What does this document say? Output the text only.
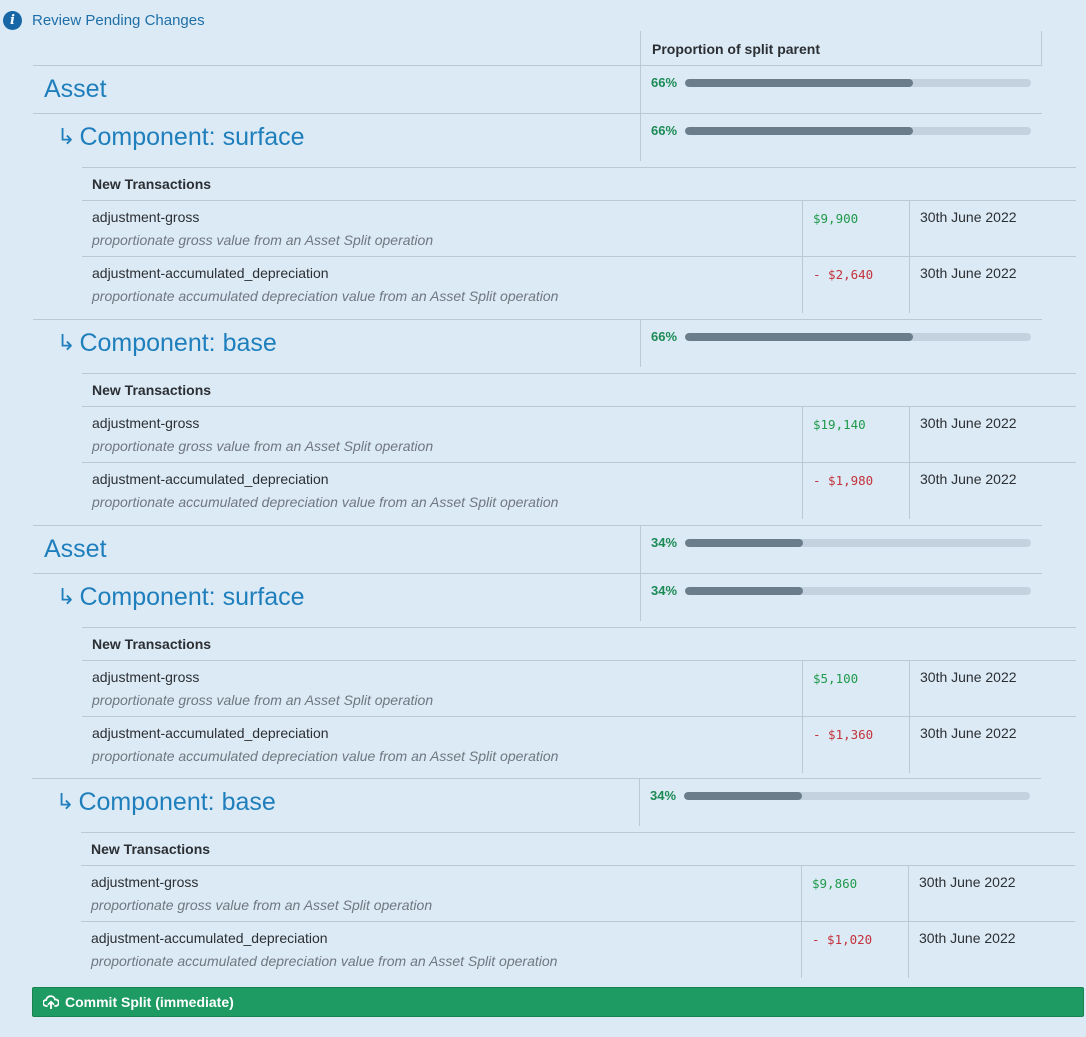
i	Review Pending Changes
Proportion of split parent
Asset	66%
↳ Component: surface	66%
New Transactions
adjustment-gross
proportionate gross value from an Asset Split operation
$9,900	30th June 2022
adjustment-accumulated_depreciation
proportionate accumulated depreciation value from an Asset Split operation
- $2,640	30th June 2022
↳ Component: base	66%
New Transactions
adjustment-gross
proportionate gross value from an Asset Split operation
$19,140	30th June 2022
adjustment-accumulated_depreciation
proportionate accumulated depreciation value from an Asset Split operation
- $1,980	30th June 2022
Asset	34%
↳ Component: surface	34%
New Transactions
adjustment-gross
proportionate gross value from an Asset Split operation
$5,100	30th June 2022
adjustment-accumulated_depreciation
proportionate accumulated depreciation value from an Asset Split operation
- $1,360	30th June 2022
↳ Component: base	34%
New Transactions
adjustment-gross
proportionate gross value from an Asset Split operation
$9,860	30th June 2022
adjustment-accumulated_depreciation
proportionate accumulated depreciation value from an Asset Split operation
- $1,020	30th June 2022
Commit Split (immediate)
